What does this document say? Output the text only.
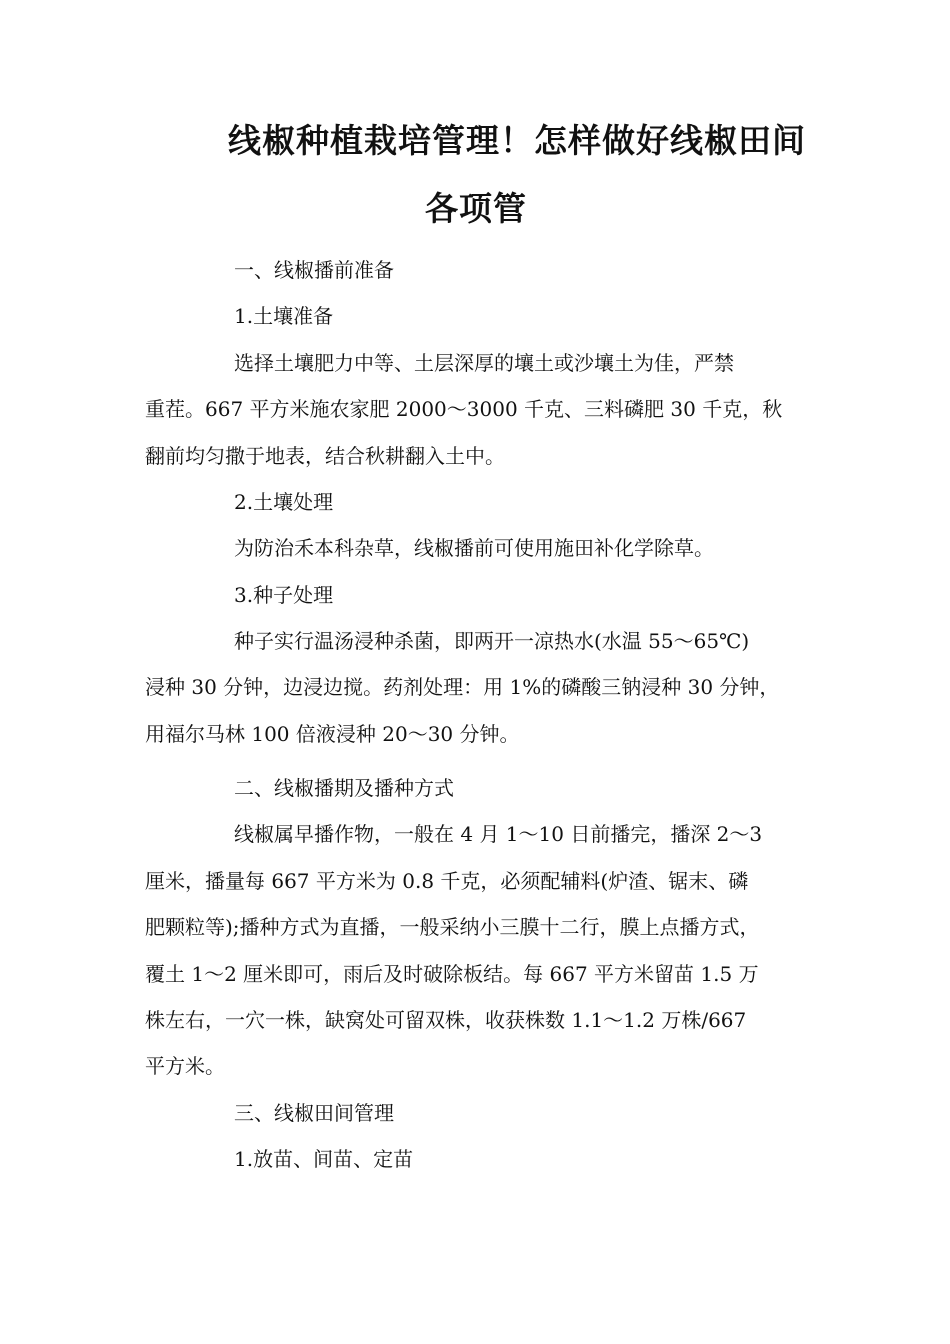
线椒种植栽培管理！怎样做好线椒田间
各项管

一、线椒播前准备

1.土壤准备

选择土壤肥力中等、土层深厚的壤土或沙壤土为佳，严禁

重茬。667 平方米施农家肥 2000～3000 千克、三料磷肥 30 千克，秋

翻前均匀撒于地表，结合秋耕翻入土中。

2.土壤处理

为防治禾本科杂草，线椒播前可使用施田补化学除草。

3.种子处理

种子实行温汤浸种杀菌，即两开一凉热水(水温 55～65℃)

浸种 30 分钟，边浸边搅。药剂处理：用 1%的磷酸三钠浸种 30 分钟，

用福尔马林 100 倍液浸种 20～30 分钟。

二、线椒播期及播种方式

线椒属早播作物，一般在 4 月 1～10 日前播完，播深 2～3

厘米，播量每 667 平方米为 0.8 千克，必须配辅料(炉渣、锯末、磷

肥颗粒等);播种方式为直播，一般采纳小三膜十二行，膜上点播方式，

覆土 1～2 厘米即可，雨后及时破除板结。每 667 平方米留苗 1.5 万

株左右，一穴一株，缺窝处可留双株，收获株数 1.1～1.2 万株/667

平方米。

三、线椒田间管理

1.放苗、间苗、定苗
